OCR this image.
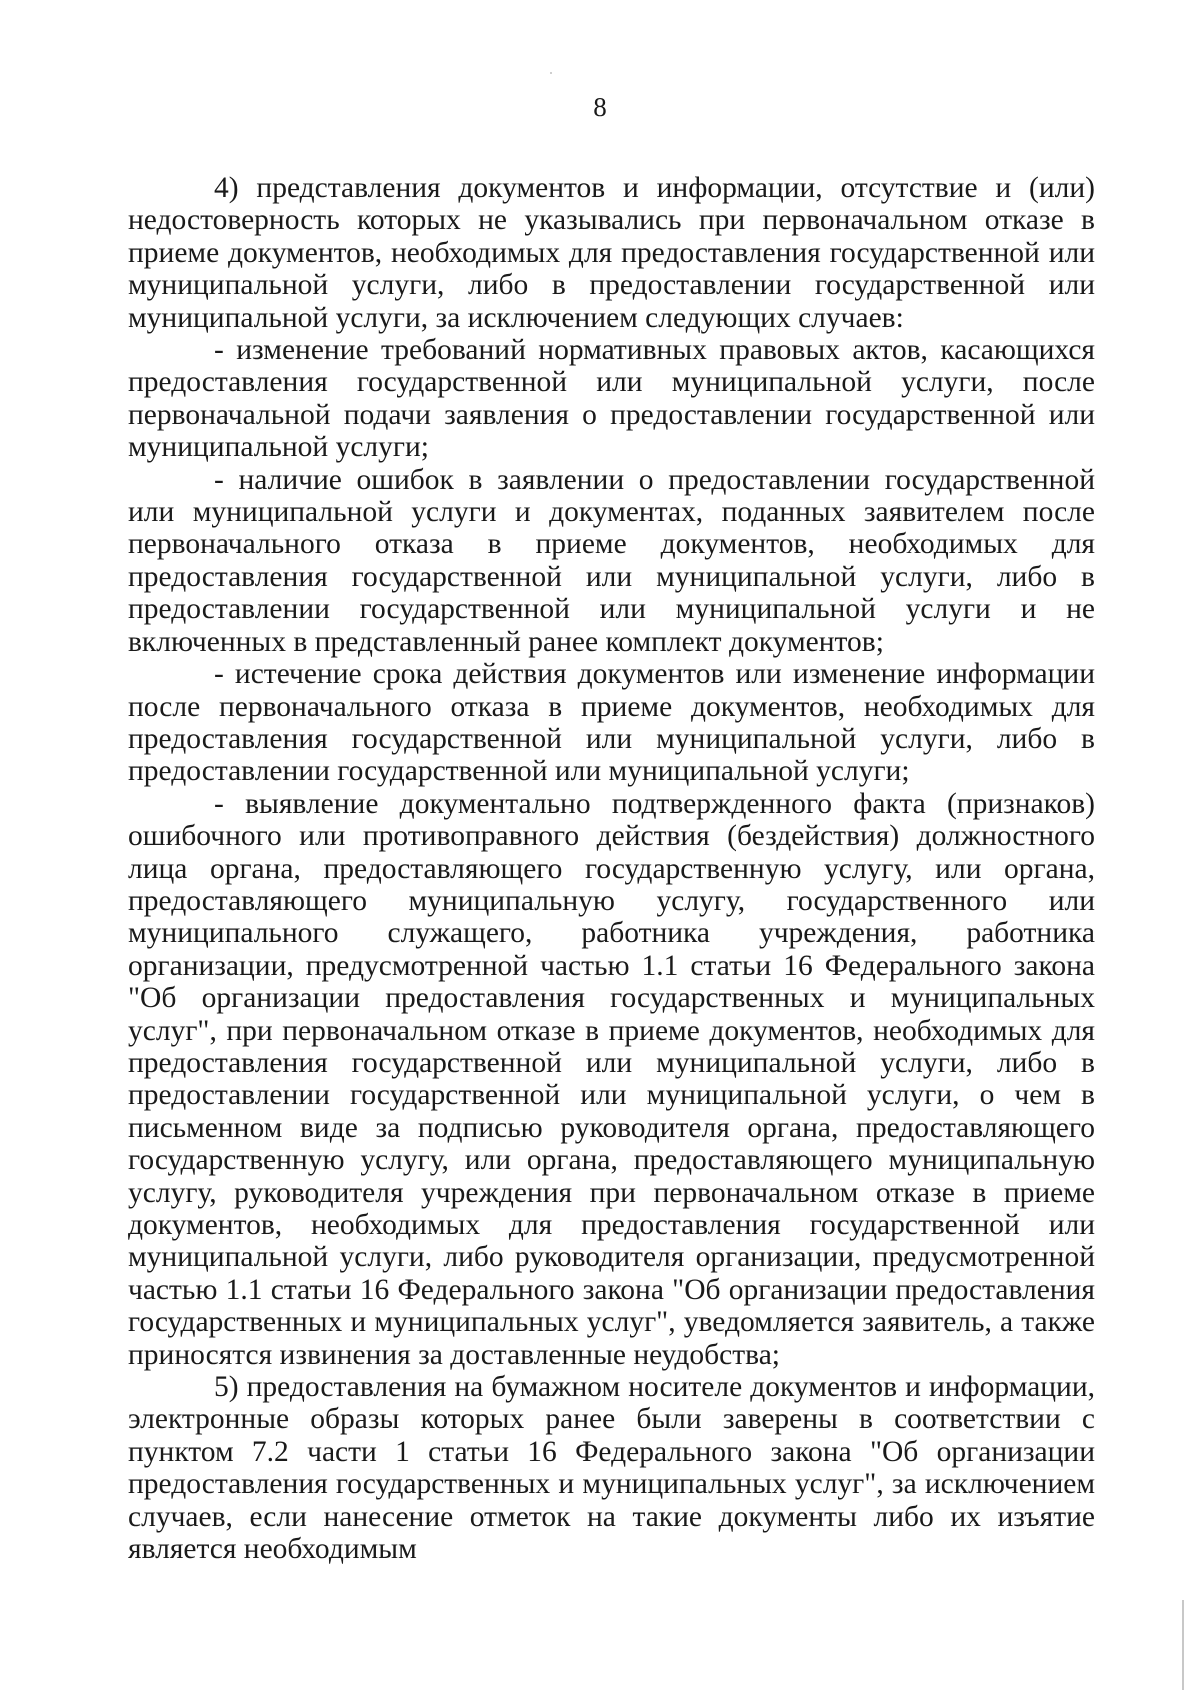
8

4) представления документов и информации, отсутствие и (или) недостоверность которых не указывались при первоначальном отказе в приеме документов, необходимых для предоставления государственной или муниципальной услуги, либо в предоставлении государственной или муниципальной услуги, за исключением следующих случаев:

- изменение требований нормативных правовых актов, касающихся предоставления государственной или муниципальной услуги, после первоначальной подачи заявления о предоставлении государственной или муниципальной услуги;

- наличие ошибок в заявлении о предоставлении государственной или муниципальной услуги и документах, поданных заявителем после первоначального отказа в приеме документов, необходимых для предоставления государственной или муниципальной услуги, либо в предоставлении государственной или муниципальной услуги и не включенных в представленный ранее комплект документов;

- истечение срока действия документов или изменение информации после первоначального отказа в приеме документов, необходимых для предоставления государственной или муниципальной услуги, либо в предоставлении государственной или муниципальной услуги;

- выявление документально подтвержденного факта (признаков) ошибочного или противоправного действия (бездействия) должностного лица органа, предоставляющего государственную услугу, или органа, предоставляющего муниципальную услугу, государственного или муниципального служащего, работника учреждения, работника организации, предусмотренной частью 1.1 статьи 16 Федерального закона "Об организации предоставления государственных и муниципальных услуг", при первоначальном отказе в приеме документов, необходимых для предоставления государственной или муниципальной услуги, либо в предоставлении государственной или муниципальной услуги, о чем в письменном виде за подписью руководителя органа, предоставляющего государственную услугу, или органа, предоставляющего муниципальную услугу, руководителя учреждения при первоначальном отказе в приеме документов, необходимых для предоставления государственной или муниципальной услуги, либо руководителя организации, предусмотренной частью 1.1 статьи 16 Федерального закона "Об организации предоставления государственных и муниципальных услуг", уведомляется заявитель, а также приносятся извинения за доставленные неудобства;

5) предоставления на бумажном носителе документов и информации, электронные образы которых ранее были заверены в соответствии с пунктом 7.2 части 1 статьи 16 Федерального закона "Об организации предоставления государственных и муниципальных услуг", за исключением случаев, если нанесение отметок на такие документы либо их изъятие является необходимым
